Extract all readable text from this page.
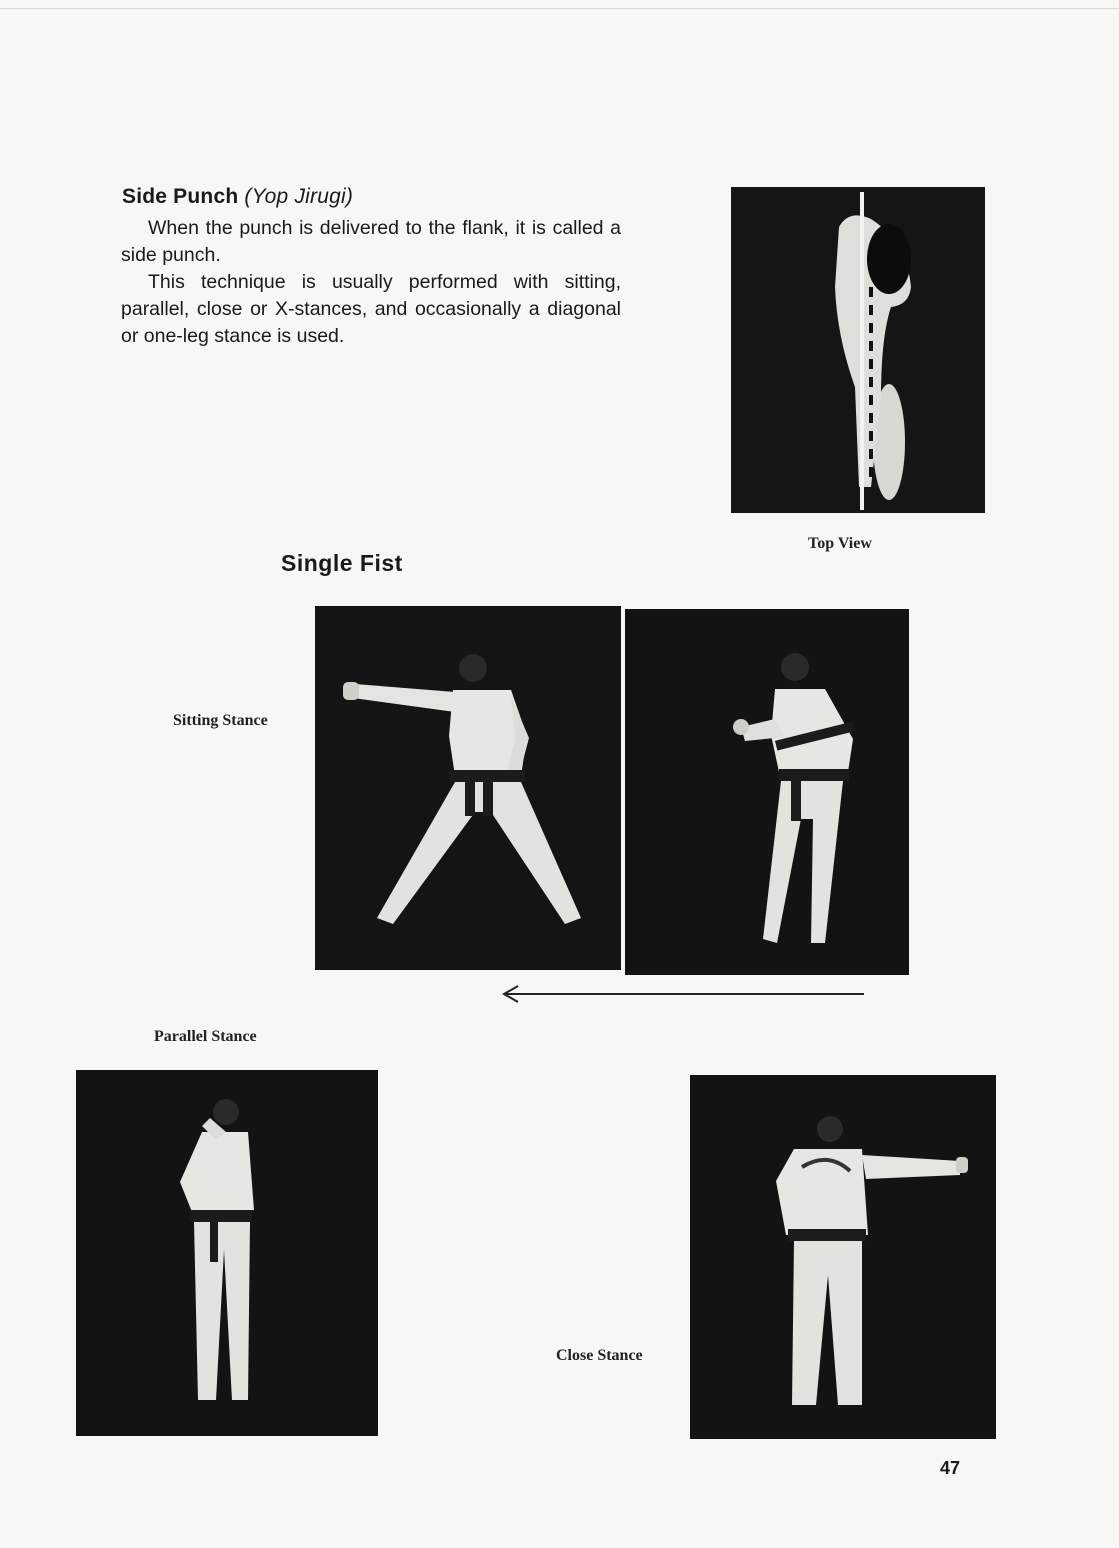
Side Punch (Yop Jirugi)

When the punch is delivered to the flank, it is called a side punch.

This technique is usually performed with sitting, parallel, close or X-stances, and occasionally a diagonal or one-leg stance is used.

Top View
Single Fist
Sitting Stance
Parallel Stance
Close Stance
47
